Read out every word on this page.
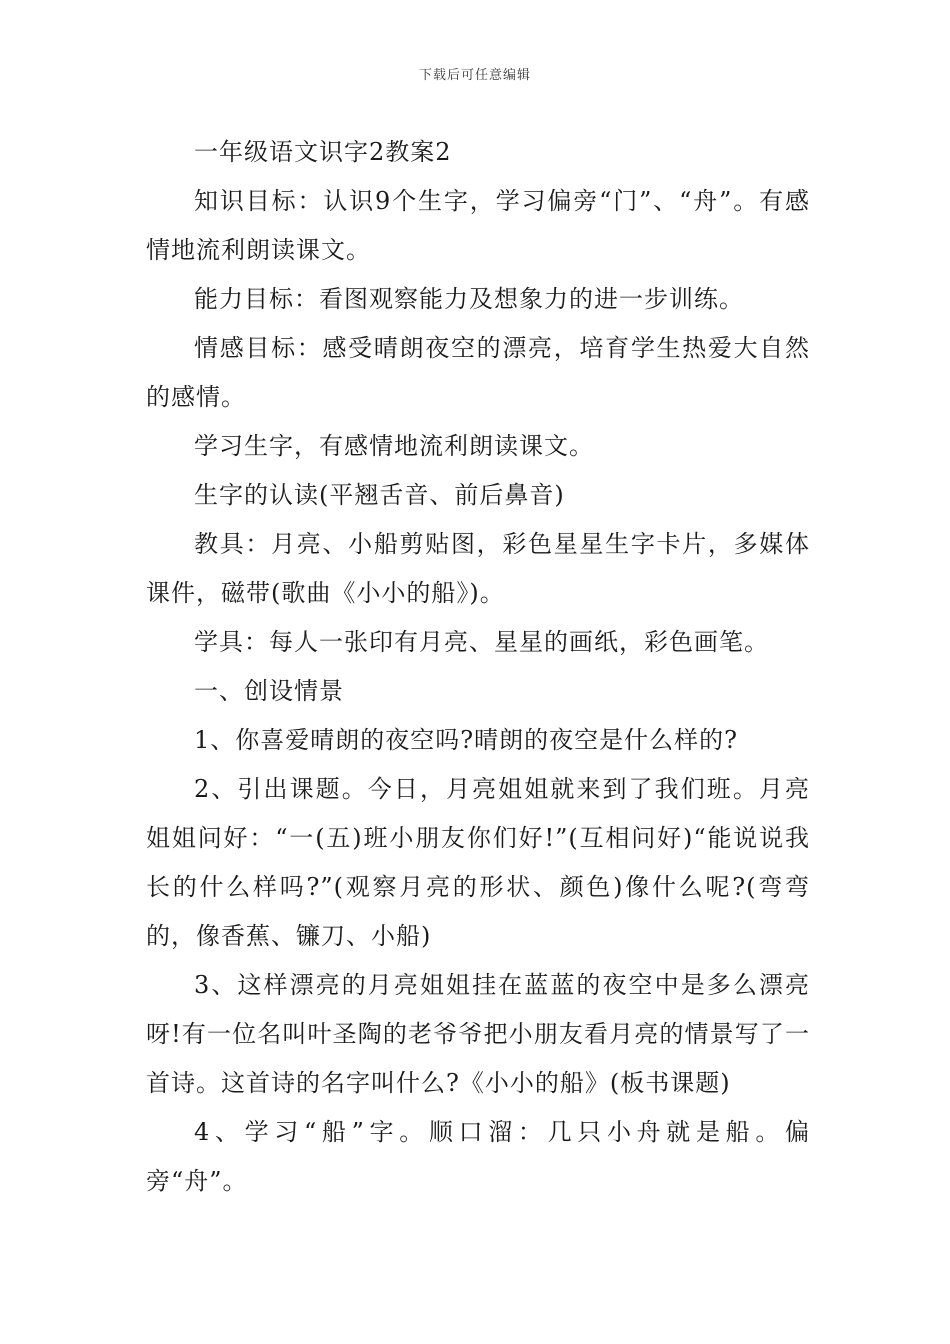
下载后可任意编辑

一年级语文识字2教案2

知识目标：认识9个生字，学习偏旁“门”、“舟”。有感情地流利朗读课文。

能力目标：看图观察能力及想象力的进一步训练。

情感目标：感受晴朗夜空的漂亮，培育学生热爱大自然的感情。

学习生字，有感情地流利朗读课文。

生字的认读(平翘舌音、前后鼻音)

教具：月亮、小船剪贴图，彩色星星生字卡片，多媒体课件，磁带(歌曲《小小的船》)。

学具：每人一张印有月亮、星星的画纸，彩色画笔。

一、创设情景

1、你喜爱晴朗的夜空吗?晴朗的夜空是什么样的?

2、引出课题。今日，月亮姐姐就来到了我们班。月亮姐姐问好：“一(五)班小朋友你们好!”(互相问好)“能说说我长的什么样吗?”(观察月亮的形状、颜色)像什么呢?(弯弯的，像香蕉、镰刀、小船)

3、这样漂亮的月亮姐姐挂在蓝蓝的夜空中是多么漂亮呀!有一位名叫叶圣陶的老爷爷把小朋友看月亮的情景写了一首诗。这首诗的名字叫什么?《小小的船》(板书课题)

4、学习“船”字。顺口溜：几只小舟就是船。偏旁“舟”。
